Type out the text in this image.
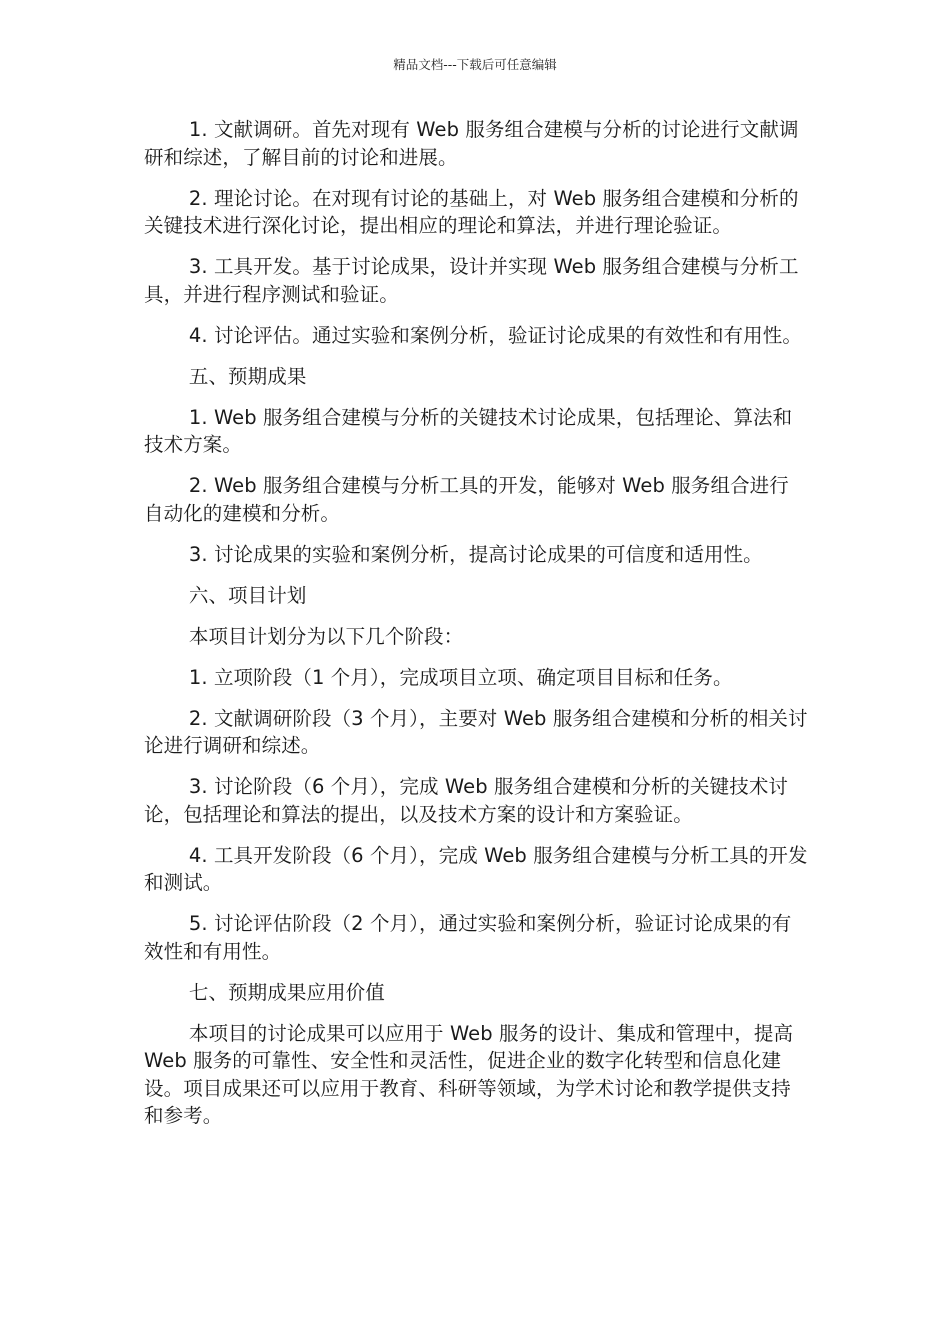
精品文档---下载后可任意编辑

1. 文献调研。首先对现有 Web 服务组合建模与分析的讨论进行文献调研和综述，了解目前的讨论和进展。

2. 理论讨论。在对现有讨论的基础上，对 Web 服务组合建模和分析的关键技术进行深化讨论，提出相应的理论和算法，并进行理论验证。

3. 工具开发。基于讨论成果，设计并实现 Web 服务组合建模与分析工具，并进行程序测试和验证。

4. 讨论评估。通过实验和案例分析，验证讨论成果的有效性和有用性。

五、预期成果

1. Web 服务组合建模与分析的关键技术讨论成果，包括理论、算法和技术方案。

2. Web 服务组合建模与分析工具的开发，能够对 Web 服务组合进行自动化的建模和分析。

3. 讨论成果的实验和案例分析，提高讨论成果的可信度和适用性。

六、项目计划

本项目计划分为以下几个阶段：

1. 立项阶段（1 个月），完成项目立项、确定项目目标和任务。

2. 文献调研阶段（3 个月），主要对 Web 服务组合建模和分析的相关讨论进行调研和综述。

3. 讨论阶段（6 个月），完成 Web 服务组合建模和分析的关键技术讨论，包括理论和算法的提出，以及技术方案的设计和方案验证。

4. 工具开发阶段（6 个月），完成 Web 服务组合建模与分析工具的开发和测试。

5. 讨论评估阶段（2 个月），通过实验和案例分析，验证讨论成果的有效性和有用性。

七、预期成果应用价值

本项目的讨论成果可以应用于 Web 服务的设计、集成和管理中，提高 Web 服务的可靠性、安全性和灵活性，促进企业的数字化转型和信息化建设。项目成果还可以应用于教育、科研等领域，为学术讨论和教学提供支持和参考。
